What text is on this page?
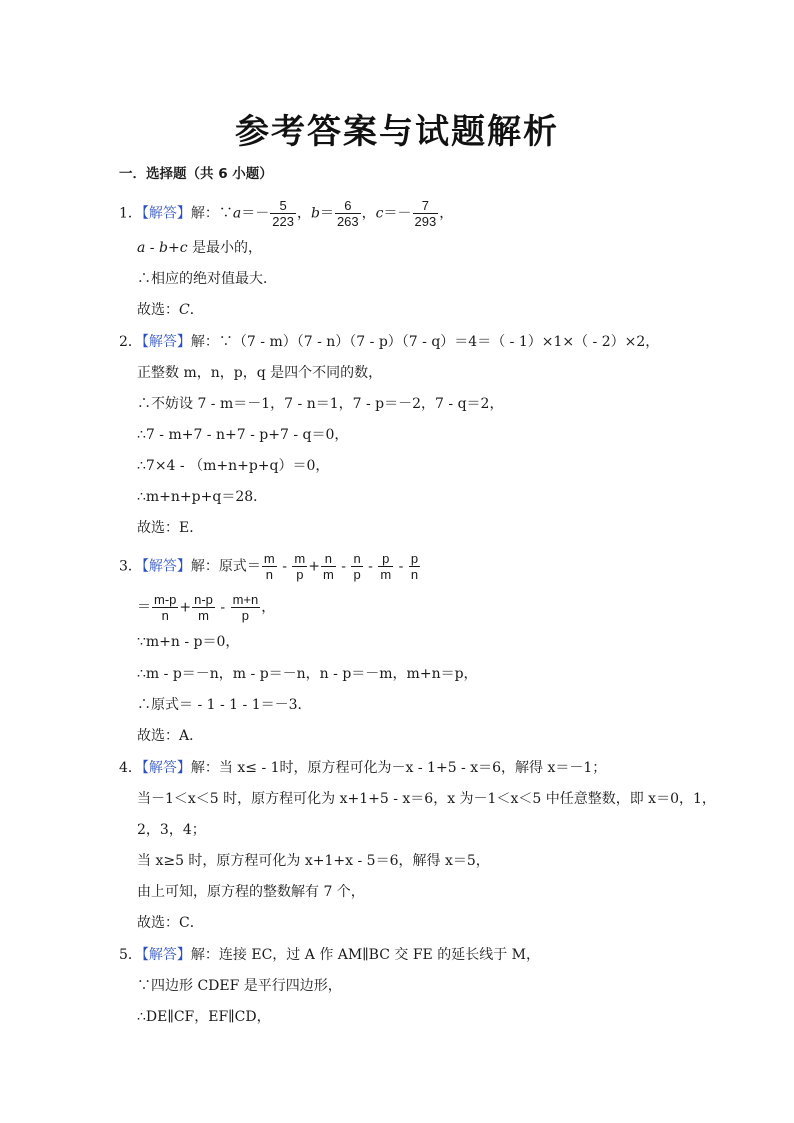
参考答案与试题解析
一．选择题（共 6 小题）
1．【解答】解：∵a＝－ $\frac{5}{223}$ ，$b= \frac{6}{263}$ ，$c=- \frac{7}{293}$ ，
a - b+c 是最小的，
∴相应的绝对值最大．
故选：C．
2．【解答】解：∵（7 - m）（7 - n）（7 - p）（7 - q）＝4＝（ - 1）×1×（ - 2）×2，
正整数 m，n，p，q 是四个不同的数，
∴不妨设 7 - m＝－1，7 - n＝1，7 - p＝－2，7 - q＝2，
∴7 - m+7 - n+7 - p+7 - q＝0，
∴7×4 - （m+n+p+q）＝0，
∴m+n+p+q＝28．
故选：E．
3．【解答】解：原式＝ $\frac{m}{n} - \frac{m}{p} + \frac{n}{m} - \frac{n}{p} - \frac{p}{m} - \frac{p}{n}$
＝ $\frac{m-p}{n} + \frac{n-p}{m} - \frac{m+n}{p}$ ，
∵m+n - p＝0，
∴m - p＝－n，m - p＝－n，n - p＝－m，m+n＝p，
∴原式＝ - 1 - 1 - 1＝－3．
故选：A．
4．【解答】解：当 x≤ - 1时，原方程可化为－x - 1+5 - x＝6，解得 x＝－1；
当－1＜x＜5 时，原方程可化为 x+1+5 - x＝6，x 为－1＜x＜5 中任意整数，即 x＝0，1，
2，3，4；
当 x≥5 时，原方程可化为 x+1+x - 5＝6，解得 x＝5，
由上可知，原方程的整数解有 7 个，
故选：C．
5．【解答】解：连接 EC，过 A 作 AM∥BC 交 FE 的延长线于 M，
∵四边形 CDEF 是平行四边形，
∴DE∥CF，EF∥CD，
